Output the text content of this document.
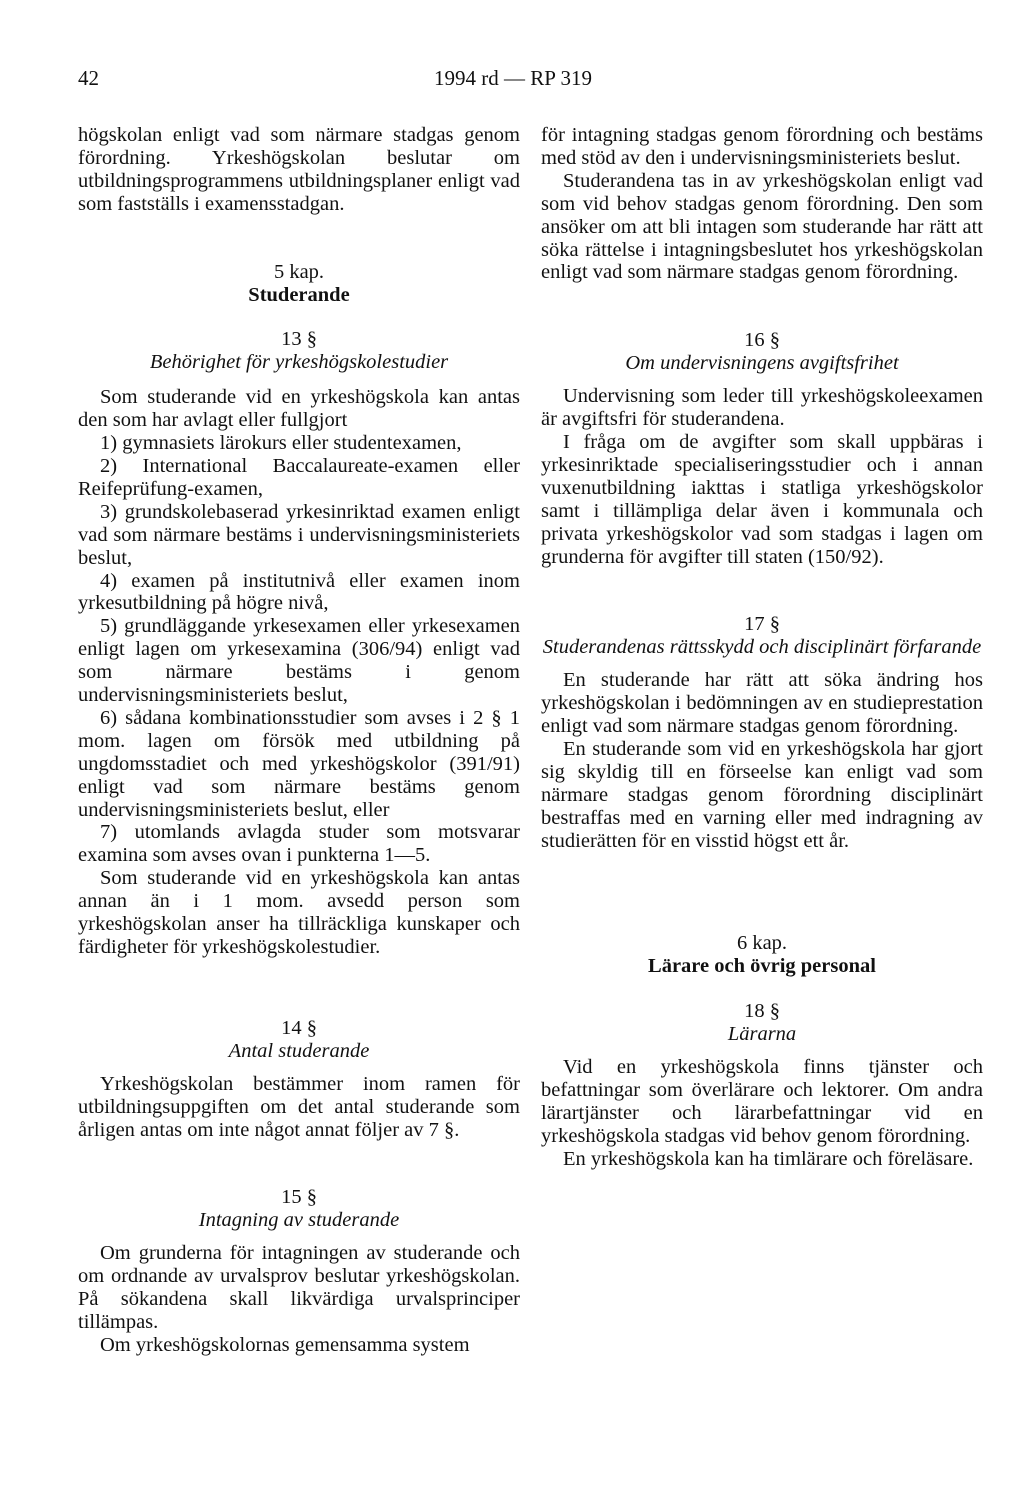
42	1994 rd — RP 319

högskolan enligt vad som närmare stadgas genom förordning. Yrkeshögskolan beslutar om utbildningsprogrammens utbildningsplaner enligt vad som fastställs i examensstadgan.

5 kap.
Studerande
13 §
Behörighet för yrkeshögskolestudier

Som studerande vid en yrkeshögskola kan antas den som har avlagt eller fullgjort

1) gymnasiets lärokurs eller studentexamen,

2) International Baccalaureate-examen eller Reifeprüfung-examen,

3) grundskolebaserad yrkesinriktad examen enligt vad som närmare bestäms i undervisningsministeriets beslut,

4) examen på institutnivå eller examen inom yrkesutbildning på högre nivå,

5) grundläggande yrkesexamen eller yrkesexamen enligt lagen om yrkesexamina (306/94) enligt vad som närmare bestäms i genom undervisningsministeriets beslut,

6) sådana kombinationsstudier som avses i 2 § 1 mom. lagen om försök med utbildning på ungdomsstadiet och med yrkeshögskolor (391/91) enligt vad som närmare bestäms genom undervisningsministeriets beslut, eller

7) utomlands avlagda studer som motsvarar examina som avses ovan i punkterna 1—5.

Som studerande vid en yrkeshögskola kan antas annan än i 1 mom. avsedd person som yrkeshögskolan anser ha tillräckliga kunskaper och färdigheter för yrkeshögskolestudier.

14 §
Antal studerande

Yrkeshögskolan bestämmer inom ramen för utbildningsuppgiften om det antal studerande som årligen antas om inte något annat följer av 7 §.

15 §
Intagning av studerande

Om grunderna för intagningen av studerande och om ordnande av urvalsprov beslutar yrkeshögskolan. På sökandena skall likvärdiga urvalsprinciper tillämpas.

Om yrkeshögskolornas gemensamma system

för intagning stadgas genom förordning och bestäms med stöd av den i undervisningsministeriets beslut.

Studerandena tas in av yrkeshögskolan enligt vad som vid behov stadgas genom förordning. Den som ansöker om att bli intagen som studerande har rätt att söka rättelse i intagningsbeslutet hos yrkeshögskolan enligt vad som närmare stadgas genom förordning.

16 §
Om undervisningens avgiftsfrihet

Undervisning som leder till yrkeshögskoleexamen är avgiftsfri för studerandena.

I fråga om de avgifter som skall uppbäras i yrkesinriktade specialiseringsstudier och i annan vuxenutbildning iakttas i statliga yrkeshögskolor samt i tillämpliga delar även i kommunala och privata yrkeshögskolor vad som stadgas i lagen om grunderna för avgifter till staten (150/92).

17 §
Studerandenas rättsskydd och disciplinärt förfarande

En studerande har rätt att söka ändring hos yrkeshögskolan i bedömningen av en studieprestation enligt vad som närmare stadgas genom förordning.

En studerande som vid en yrkeshögskola har gjort sig skyldig till en förseelse kan enligt vad som närmare stadgas genom förordning disciplinärt bestraffas med en varning eller med indragning av studierätten för en visstid högst ett år.

6 kap.
Lärare och övrig personal
18 §
Lärarna

Vid en yrkeshögskola finns tjänster och befattningar som överlärare och lektorer. Om andra lärartjänster och lärarbefattningar vid en yrkeshögskola stadgas vid behov genom förordning.

En yrkeshögskola kan ha timlärare och föreläsare.
